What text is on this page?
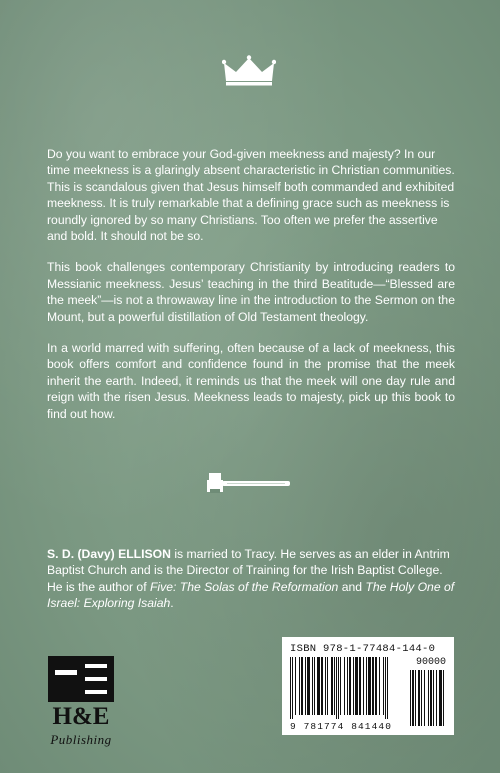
Do you want to embrace your God-given meekness and majesty? In our time meekness is a glaringly absent characteristic in Christian communities. This is scandalous given that Jesus himself both commanded and exhibited meekness. It is truly remarkable that a defining grace such as meekness is roundly ignored by so many Christians. Too often we prefer the assertive and bold. It should not be so.

This book challenges contemporary Christianity by introducing readers to Messianic meekness. Jesus’ teaching in the third Beatitude—“Blessed are the meek”—is not a throwaway line in the introduction to the Sermon on the Mount, but a powerful distillation of Old Testament theology.

In a world marred with suffering, often because of a lack of meekness, this book offers comfort and confidence found in the promise that the meek inherit the earth. Indeed, it reminds us that the meek will one day rule and reign with the risen Jesus. Meekness leads to majesty, pick up this book to find out how.

S. D. (Davy) ELLISON is married to Tracy. He serves as an elder in Antrim Baptist Church and is the Director of Training for the Irish Baptist College. He is the author of Five: The Solas of the Reformation and The Holy One of Israel: Exploring Isaiah.
H&E
Publishing
ISBN 978-1-77484-144-0
9 781774 841440
90000
